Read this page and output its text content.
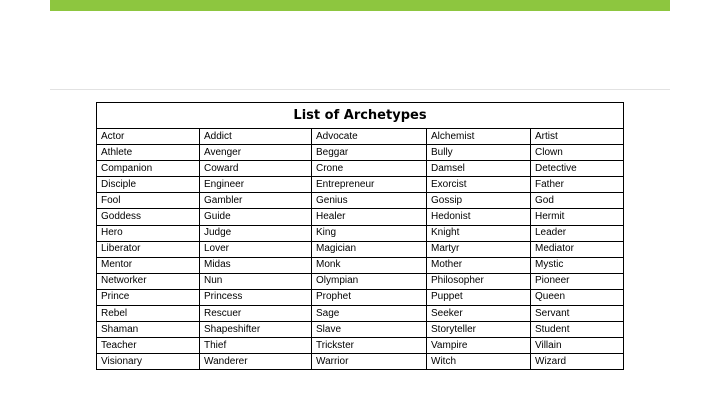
List of Archetypes				
Actor	Addict	Advocate	Alchemist	Artist
Athlete	Avenger	Beggar	Bully	Clown
Companion	Coward	Crone	Damsel	Detective
Disciple	Engineer	Entrepreneur	Exorcist	Father
Fool	Gambler	Genius	Gossip	God
Goddess	Guide	Healer	Hedonist	Hermit
Hero	Judge	King	Knight	Leader
Liberator	Lover	Magician	Martyr	Mediator
Mentor	Midas	Monk	Mother	Mystic
Networker	Nun	Olympian	Philosopher	Pioneer
Prince	Princess	Prophet	Puppet	Queen
Rebel	Rescuer	Sage	Seeker	Servant
Shaman	Shapeshifter	Slave	Storyteller	Student
Teacher	Thief	Trickster	Vampire	Villain
Visionary	Wanderer	Warrior	Witch	Wizard
